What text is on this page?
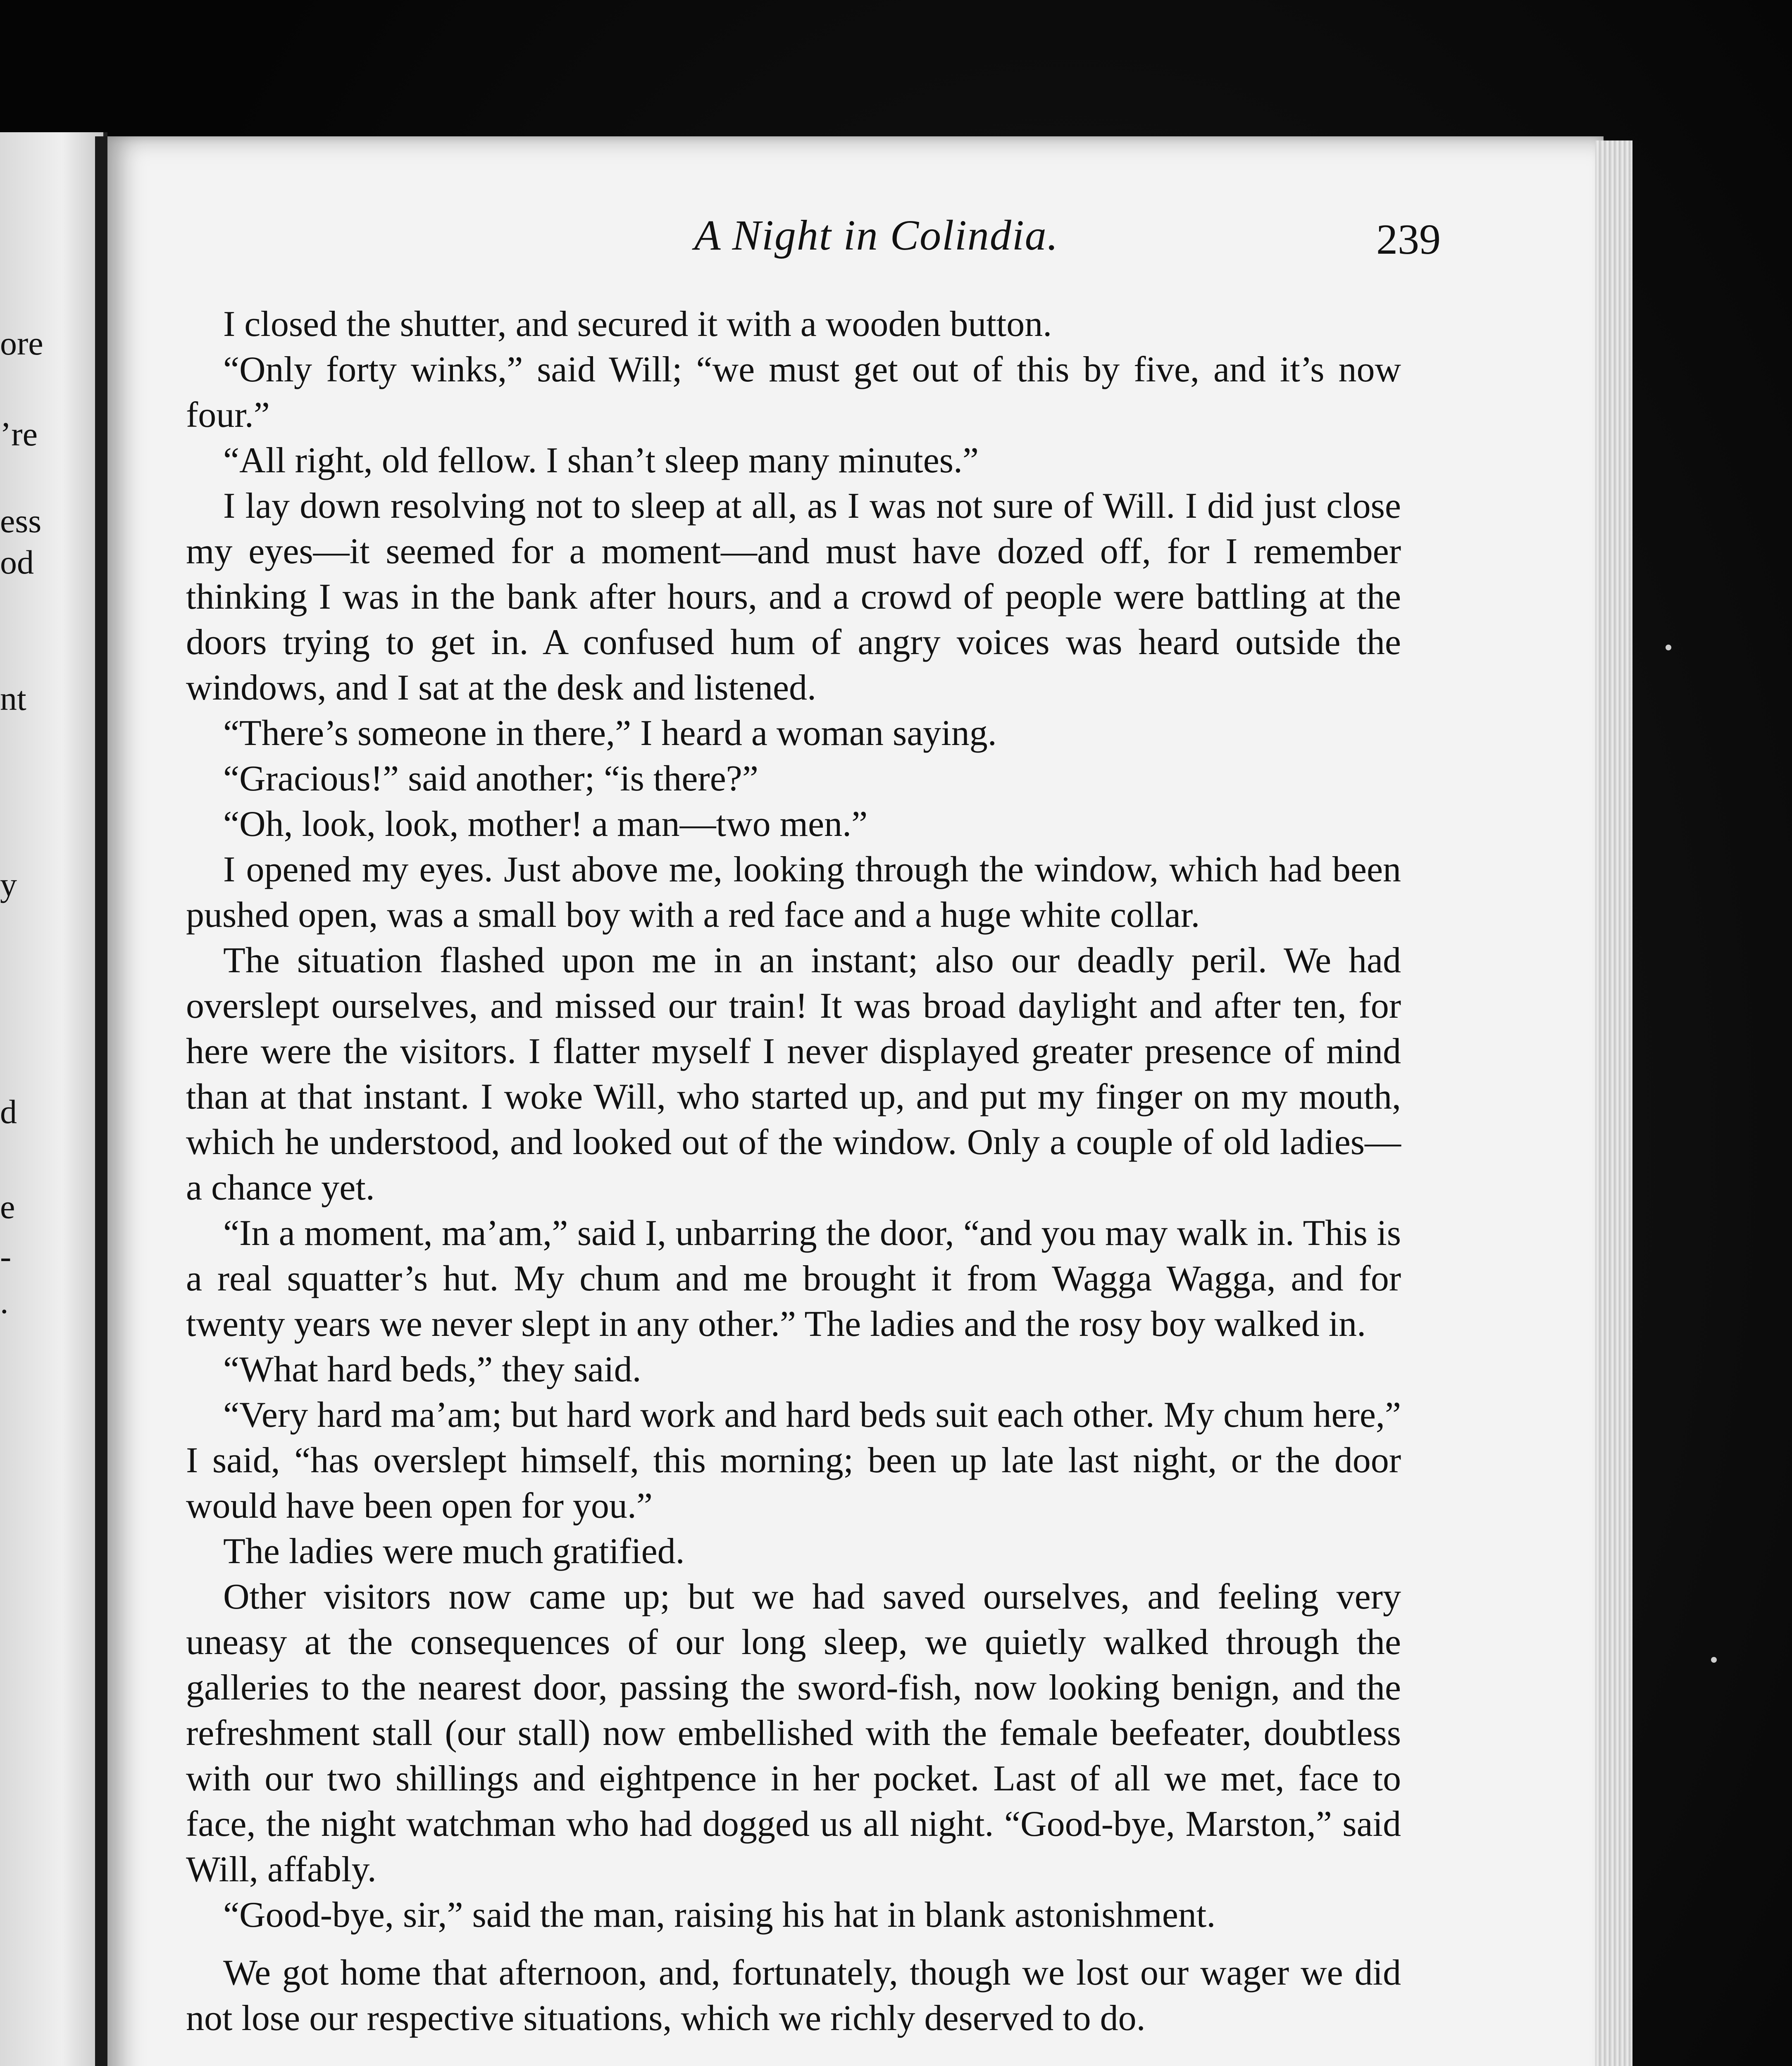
ore
’re
ess
od
nt
y
d
e
-
.
A Night in Colindia.	239

I closed the shutter, and secured it with a wooden button.

“Only forty winks,” said Will; “we must get out of this by five, and it’s now four.”

“All right, old fellow. I shan’t sleep many minutes.”

I lay down resolving not to sleep at all, as I was not sure of Will. I did just close my eyes—it seemed for a moment—and must have dozed off, for I remember thinking I was in the bank after hours, and a crowd of people were battling at the doors trying to get in. A confused hum of angry voices was heard outside the windows, and I sat at the desk and listened.

“There’s someone in there,” I heard a woman saying.

“Gracious!” said another; “is there?”

“Oh, look, look, mother! a man—two men.”

I opened my eyes. Just above me, looking through the window, which had been pushed open, was a small boy with a red face and a huge white collar.

The situation flashed upon me in an instant; also our deadly peril. We had overslept ourselves, and missed our train! It was broad daylight and after ten, for here were the visitors. I flatter myself I never displayed greater presence of mind than at that instant. I woke Will, who started up, and put my finger on my mouth, which he understood, and looked out of the window. Only a couple of old ladies—a chance yet.

“In a moment, ma’am,” said I, unbarring the door, “and you may walk in. This is a real squatter’s hut. My chum and me brought it from Wagga Wagga, and for twenty years we never slept in any other.” The ladies and the rosy boy walked in.

“What hard beds,” they said.

“Very hard ma’am; but hard work and hard beds suit each other. My chum here,” I said, “has overslept himself, this morning; been up late last night, or the door would have been open for you.”

The ladies were much gratified.

Other visitors now came up; but we had saved ourselves, and feeling very uneasy at the consequences of our long sleep, we quietly walked through the galleries to the nearest door, passing the sword-fish, now looking benign, and the refreshment stall (our stall) now embellished with the female beefeater, doubtless with our two shillings and eightpence in her pocket. Last of all we met, face to face, the night watchman who had dogged us all night. “Good-bye, Marston,” said Will, affably.

“Good-bye, sir,” said the man, raising his hat in blank astonishment.

We got home that afternoon, and, fortunately, though we lost our wager we did not lose our respective situations, which we richly deserved to do.
